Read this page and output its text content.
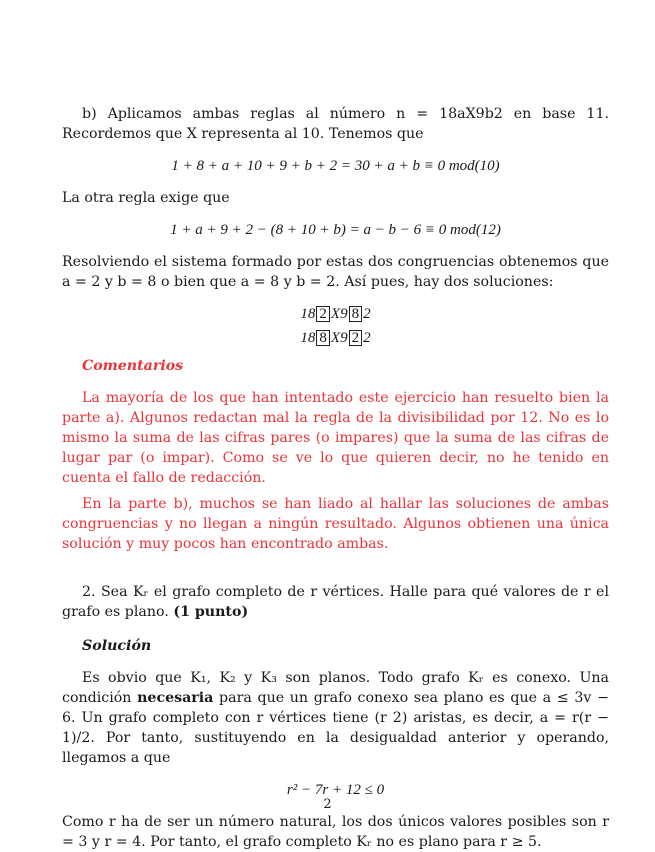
b) Aplicamos ambas reglas al número n = 18aX9b2 en base 11. Recordemos que X representa al 10. Tenemos que

1 + 8 + a + 10 + 9 + b + 2 = 30 + a + b ≡ 0 mod(10)

La otra regla exige que

1 + a + 9 + 2 − (8 + 10 + b) = a − b − 6 ≡ 0 mod(12)

Resolviendo el sistema formado por estas dos congruencias obtenemos que a = 2 y b = 8 o bien que a = 8 y b = 2. Así pues, hay dos soluciones:

18 2 X9 8 2
18 8 X9 2 2
Comentarios

La mayoría de los que han intentado este ejercicio han resuelto bien la parte a). Algunos redactan mal la regla de la divisibilidad por 12. No es lo mismo la suma de las cifras pares (o impares) que la suma de las cifras de lugar par (o impar). Como se ve lo que quieren decir, no he tenido en cuenta el fallo de redacción.

En la parte b), muchos se han liado al hallar las soluciones de ambas congruencias y no llegan a ningún resultado. Algunos obtienen una única solución y muy pocos han encontrado ambas.

2. Sea Kᵣ el grafo completo de r vértices. Halle para qué valores de r el grafo es plano. (1 punto)

Solución

Es obvio que K₁, K₂ y K₃ son planos. Todo grafo Kᵣ es conexo. Una condición necesaria para que un grafo conexo sea plano es que a ≤ 3v − 6. Un grafo completo con r vértices tiene (r 2) aristas, es decir, a = r(r − 1)/2. Por tanto, sustituyendo en la desigualdad anterior y operando, llegamos a que

r² − 7r + 12 ≤ 0

Como r ha de ser un número natural, los dos únicos valores posibles son r = 3 y r = 4. Por tanto, el grafo completo Kᵣ no es plano para r ≥ 5.

2
